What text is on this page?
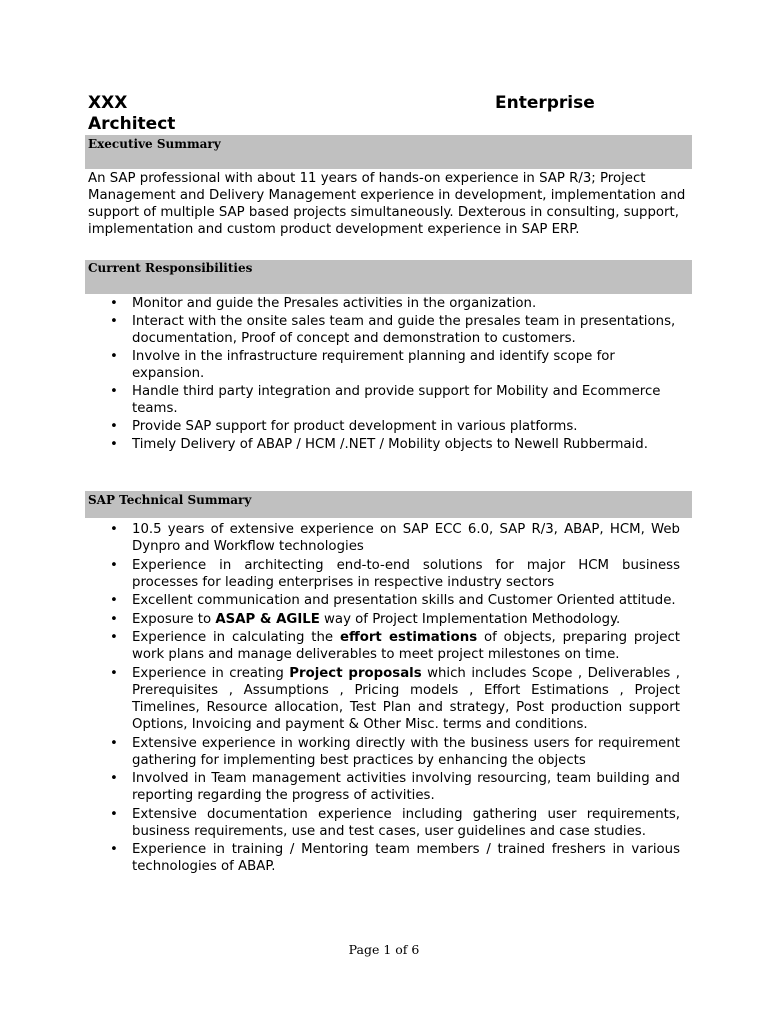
XXX	Enterprise
Architect
Executive Summary
An SAP professional with about 11 years of hands-on experience in SAP R/3; Project Management and Delivery Management experience in development, implementation and support of multiple SAP based projects simultaneously. Dexterous in consulting, support, implementation and custom product development experience in SAP ERP.
Current Responsibilities
• Monitor and guide the Presales activities in the organization.
• Interact with the onsite sales team and guide the presales team in presentations, documentation, Proof of concept and demonstration to customers.
• Involve in the infrastructure requirement planning and identify scope for expansion.
• Handle third party integration and provide support for Mobility and Ecommerce teams.
• Provide SAP support for product development in various platforms.
• Timely Delivery of ABAP / HCM /.NET / Mobility objects to Newell Rubbermaid.
SAP Technical Summary
• 10.5 years of extensive experience on SAP ECC 6.0, SAP R/3, ABAP, HCM, Web Dynpro and Workflow technologies
• Experience in architecting end-to-end solutions for major HCM business processes for leading enterprises in respective industry sectors
• Excellent communication and presentation skills and Customer Oriented attitude.
• Exposure to ASAP & AGILE way of Project Implementation Methodology.
• Experience in calculating the effort estimations of objects, preparing project work plans and manage deliverables to meet project milestones on time.
• Experience in creating Project proposals which includes Scope , Deliverables , Prerequisites , Assumptions , Pricing models , Effort Estimations , Project Timelines, Resource allocation, Test Plan and strategy, Post production support Options, Invoicing and payment & Other Misc. terms and conditions.
• Extensive experience in working directly with the business users for requirement gathering for implementing best practices by enhancing the objects
• Involved in Team management activities involving resourcing, team building and reporting regarding the progress of activities.
• Extensive documentation experience including gathering user requirements, business requirements, use and test cases, user guidelines and case studies.
• Experience in training / Mentoring team members / trained freshers in various technologies of ABAP.
Page 1 of 6
